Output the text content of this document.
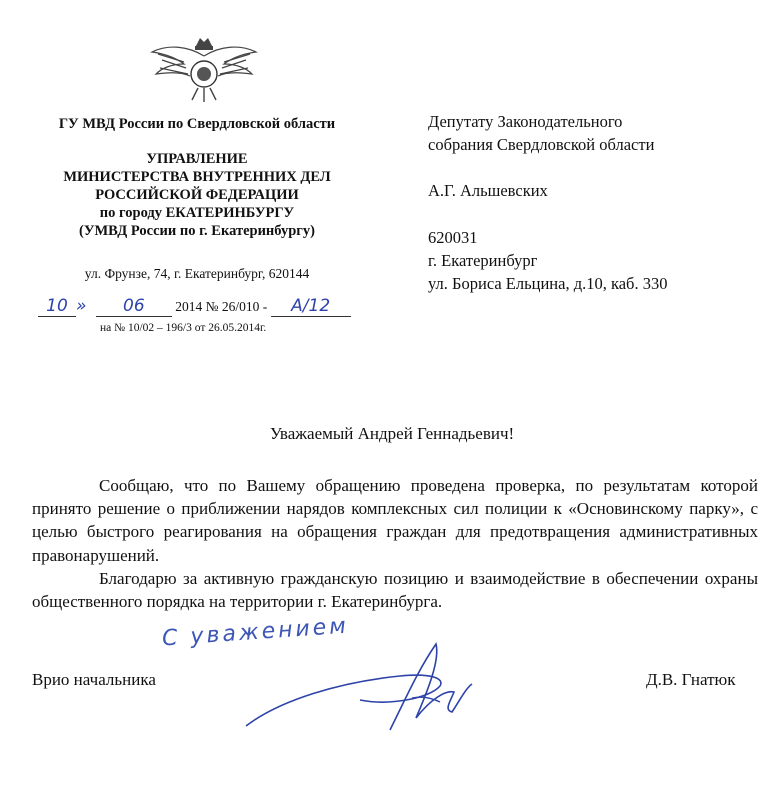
ГУ МВД России по Свердловской области
УПРАВЛЕНИЕ
МИНИСТЕРСТВА ВНУТРЕННИХ ДЕЛ
РОССИЙСКОЙ ФЕДЕРАЦИИ
по городу ЕКАТЕРИНБУРГУ
(УМВД России по г. Екатеринбургу)
ул. Фрунзе, 74, г. Екатеринбург, 620144
10 » 06 2014 № 26/010 - А/12
на № 10/02 – 196/3 от 26.05.2014г.
Депутату Законодательного
собрания Свердловской области
А.Г. Альшевских
620031
г. Екатеринбург
ул. Бориса Ельцина, д.10, каб. 330
Уважаемый Андрей Геннадьевич!

Сообщаю, что по Вашему обращению проведена проверка, по результатам которой принято решение о приближении нарядов комплексных сил полиции к «Основинскому парку», с целью быстрого реагирования на обращения граждан для предотвращения административных правонарушений.

Благодарю за активную гражданскую позицию и взаимодействие в обеспечении охраны общественного порядка на территории г. Екатеринбурга.

С уважением
Врио начальника	Д.В. Гнатюк
